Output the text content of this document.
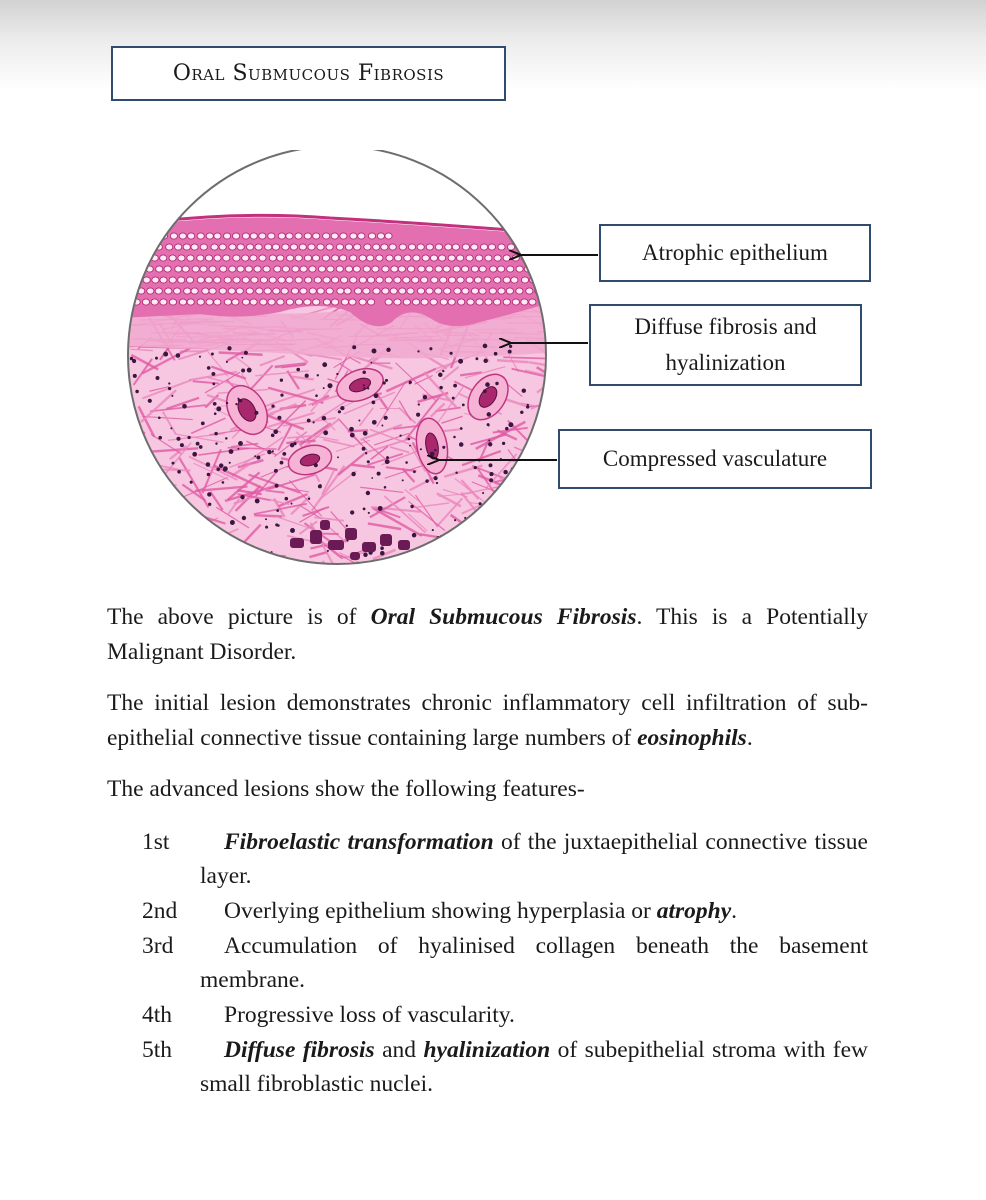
Oral Submucous Fibrosis
Atrophic epithelium
Diffuse fibrosis and
hyalinization
Compressed vasculature

The above picture is of Oral Submucous Fibrosis. This is a Potentially Malignant Disorder.

The initial lesion demonstrates chronic inflammatory cell infiltration of sub-epithelial connective tissue containing large numbers of eosinophils.

The advanced lesions show the following features-

1st Fibroelastic transformation of the juxtaepithelial connective tissue layer.
2nd Overlying epithelium showing hyperplasia or atrophy.
3rd Accumulation of hyalinised collagen beneath the basement membrane.
4th Progressive loss of vascularity.
5th Diffuse fibrosis and hyalinization of subepithelial stroma with few small fibroblastic nuclei.
